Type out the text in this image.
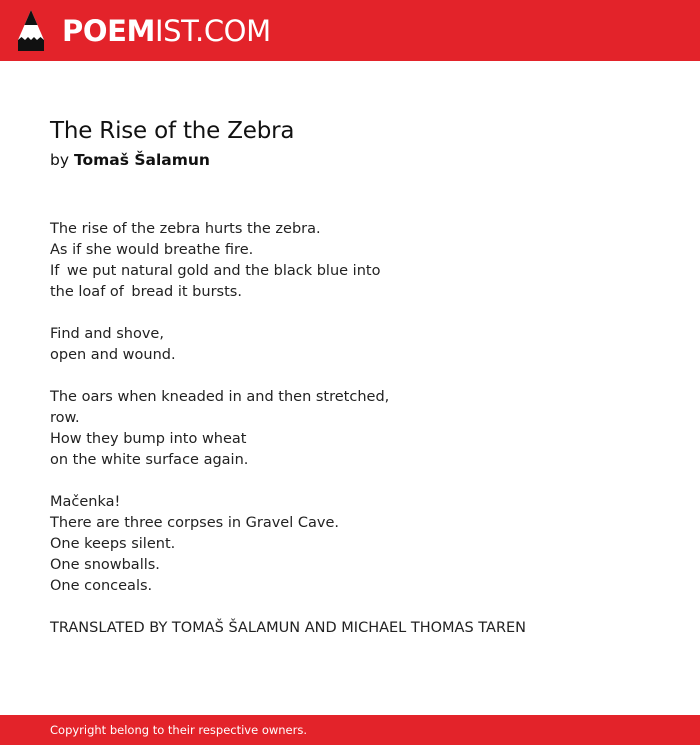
POEMIST.COM
The Rise of the Zebra
by Tomaš Šalamun
The rise of the zebra hurts the zebra.
As if she would breathe fire.
If  we put natural gold and the black blue into
the loaf of  bread it bursts.
Find and shove,
open and wound.
The oars when kneaded in and then stretched,
row.
How they bump into wheat
on the white surface again.
Mačenka!
There are three corpses in Gravel Cave.
One keeps silent.
One snowballs.
One conceals.
TRANSLATED BY TOMAŠ ŠALAMUN AND MICHAEL THOMAS TAREN
Copyright belong to their respective owners.
